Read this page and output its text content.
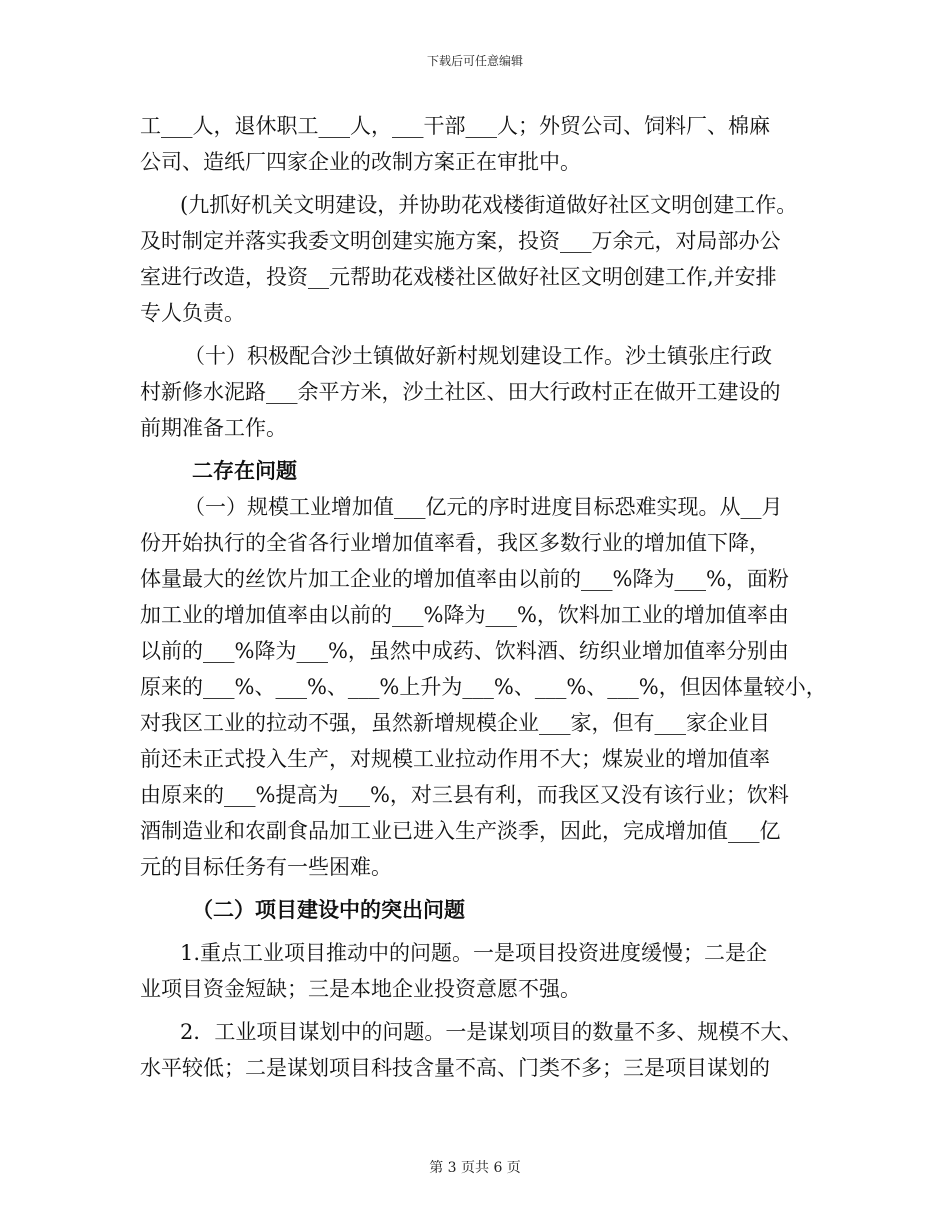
下载后可任意编辑
工___人，退休职工___人，___干部___人；外贸公司、饲料厂、棉麻
公司、造纸厂四家企业的改制方案正在审批中。
(九抓好机关文明建设，并协助花戏楼街道做好社区文明创建工作。
及时制定并落实我委文明创建实施方案，投资___万余元，对局部办公
室进行改造，投资__元帮助花戏楼社区做好社区文明创建工作,并安排
专人负责。
（十）积极配合沙土镇做好新村规划建设工作。沙土镇张庄行政
村新修水泥路___余平方米，沙土社区、田大行政村正在做开工建设的
前期准备工作。
二存在问题
（一）规模工业增加值___亿元的序时进度目标恐难实现。从__月
份开始执行的全省各行业增加值率看，我区多数行业的增加值下降，
体量最大的丝饮片加工企业的增加值率由以前的___%降为___%，面粉
加工业的增加值率由以前的___%降为___%，饮料加工业的增加值率由
以前的___%降为___%，虽然中成药、饮料酒、纺织业增加值率分别由
原来的___%、___%、___%上升为___%、___%、___%，但因体量较小，
对我区工业的拉动不强，虽然新增规模企业___家，但有___家企业目
前还未正式投入生产，对规模工业拉动作用不大；煤炭业的增加值率
由原来的___%提高为___%，对三县有利，而我区又没有该行业；饮料
酒制造业和农副食品加工业已进入生产淡季，因此，完成增加值___亿
元的目标任务有一些困难。
（二）项目建设中的突出问题
1.重点工业项目推动中的问题。一是项目投资进度缓慢；二是企
业项目资金短缺；三是本地企业投资意愿不强。
2．工业项目谋划中的问题。一是谋划项目的数量不多、规模不大、
水平较低；二是谋划项目科技含量不高、门类不多；三是项目谋划的
第 3 页共 6 页
